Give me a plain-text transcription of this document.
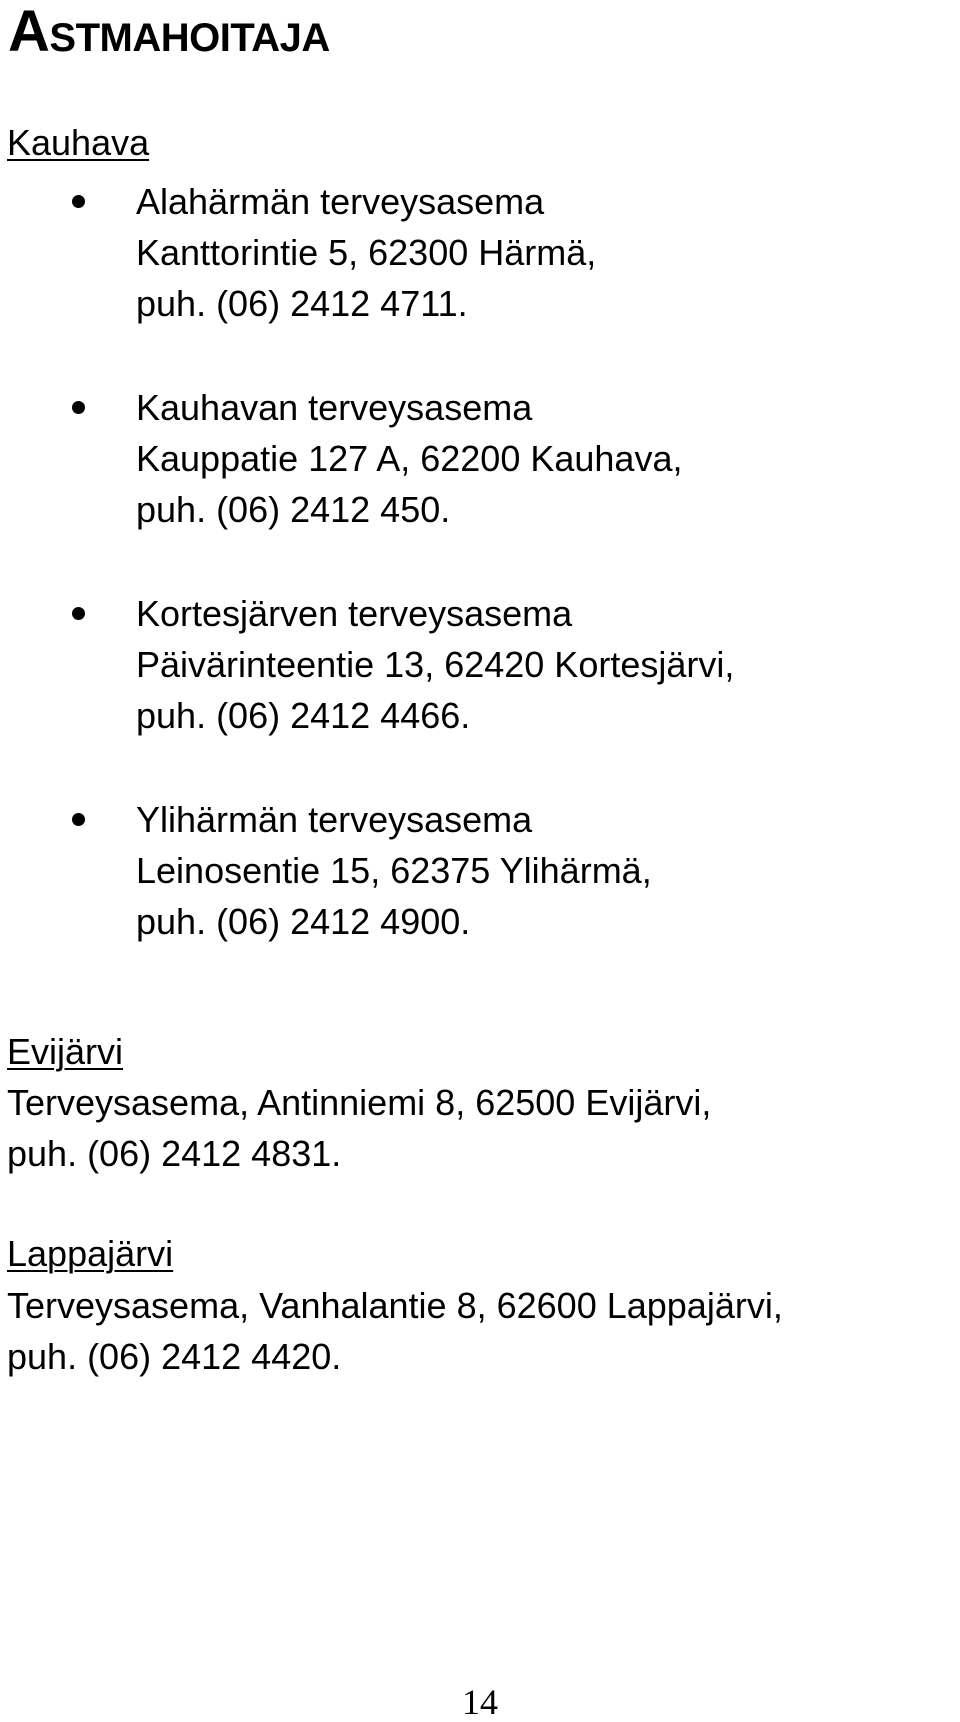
ASTMAHOITAJA
Kauhava
Alahärmän terveysasema
Kanttorintie 5, 62300 Härmä,
puh. (06) 2412 4711.
Kauhavan terveysasema
Kauppatie 127 A, 62200 Kauhava,
puh. (06) 2412 450.
Kortesjärven terveysasema
Päivärinteentie 13, 62420 Kortesjärvi,
puh. (06) 2412 4466.
Ylihärmän terveysasema
Leinosentie 15, 62375 Ylihärmä,
puh. (06) 2412 4900.
Evijärvi
Terveysasema, Antinniemi 8, 62500 Evijärvi,
puh. (06) 2412 4831.
Lappajärvi
Terveysasema, Vanhalantie 8, 62600 Lappajärvi,
puh. (06) 2412 4420.
14
